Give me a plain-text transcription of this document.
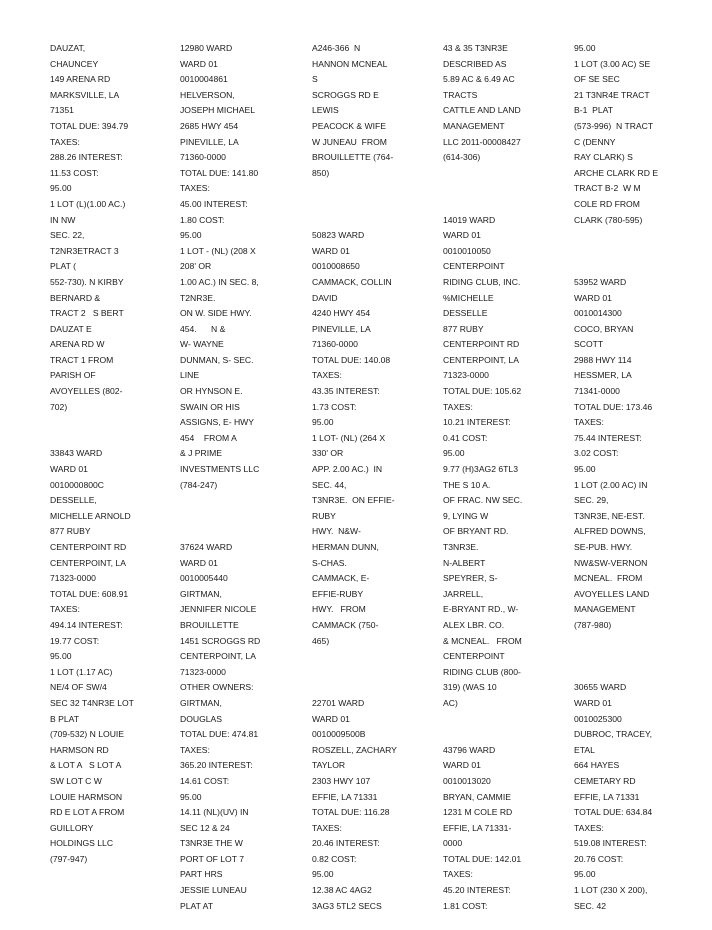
DAUZAT,
CHAUNCEY
149 ARENA RD
MARKSVILLE, LA
71351
TOTAL DUE: 394.79
TAXES:
288.26 INTEREST:
11.53 COST:
95.00
1 LOT (L)(1.00 AC.)
IN NW
SEC. 22,
T2NR3ETRACT 3
PLAT (
552-730). N KIRBY
BERNARD &
TRACT 2   S BERT
DAUZAT E
ARENA RD W
TRACT 1 FROM
PARISH OF
AVOYELLES (802-
702)
33843 WARD
WARD 01
0010000800C
DESSELLE,
MICHELLE ARNOLD
877 RUBY
CENTERPOINT RD
CENTERPOINT, LA
71323-0000
TOTAL DUE: 608.91
TAXES:
494.14 INTEREST:
19.77 COST:
95.00
1 LOT (1.17 AC)
NE/4 OF SW/4
SEC 32 T4NR3E LOT
B PLAT
(709-532) N LOUIE
HARMSON RD
& LOT A   S LOT A
SW LOT C W
LOUIE HARMSON
RD E LOT A FROM
GUILLORY
HOLDINGS LLC
(797-947)
12980 WARD
WARD 01
0010004861
HELVERSON,
JOSEPH MICHAEL
2685 HWY 454
PINEVILLE, LA
71360-0000
TOTAL DUE: 141.80
TAXES:
45.00 INTEREST:
1.80 COST:
95.00
1 LOT - (NL) (208 X
208' OR
1.00 AC.) IN SEC. 8,
T2NR3E.
ON W. SIDE HWY.
454.      N &
W- WAYNE
DUNMAN, S- SEC.
LINE
OR HYNSON E.
SWAIN OR HIS
ASSIGNS, E- HWY
454    FROM A
& J PRIME
INVESTMENTS LLC
(784-247)
37624 WARD
WARD 01
0010005440
GIRTMAN,
JENNIFER NICOLE
BROUILLETTE
1451 SCROGGS RD
CENTERPOINT, LA
71323-0000
OTHER OWNERS:
GIRTMAN,
DOUGLAS
TOTAL DUE: 474.81
TAXES:
365.20 INTEREST:
14.61 COST:
95.00
14.11 (NL)(UV) IN
SEC 12 & 24
T3NR3E THE W
PORT OF LOT 7
PART HRS
JESSIE LUNEAU
PLAT AT
A246-366  N
HANNON MCNEAL
S
SCROGGS RD E
LEWIS
PEACOCK & WIFE
W JUNEAU  FROM
BROUILLETTE (764-
850)
50823 WARD
WARD 01
0010008650
CAMMACK, COLLIN
DAVID
4240 HWY 454
PINEVILLE, LA
71360-0000
TOTAL DUE: 140.08
TAXES:
43.35 INTEREST:
1.73 COST:
95.00
1 LOT- (NL) (264 X
330' OR
APP. 2.00 AC.)  IN
SEC. 44,
T3NR3E.  ON EFFIE-
RUBY
HWY.  N&W-
HERMAN DUNN,
S-CHAS.
CAMMACK, E-
EFFIE-RUBY
HWY.   FROM
CAMMACK (750-
465)
22701 WARD
WARD 01
0010009500B
ROSZELL, ZACHARY
TAYLOR
2303 HWY 107
EFFIE, LA 71331
TOTAL DUE: 116.28
TAXES:
20.46 INTEREST:
0.82 COST:
95.00
12.38 AC 4AG2
3AG3 5TL2 SECS
43 & 35 T3NR3E
DESCRIBED AS
5.89 AC & 6.49 AC
TRACTS
CATTLE AND LAND
MANAGEMENT
LLC 2011-00008427
(614-306)
14019 WARD
WARD 01
0010010050
CENTERPOINT
RIDING CLUB, INC.
%MICHELLE
DESSELLE
877 RUBY
CENTERPOINT RD
CENTERPOINT, LA
71323-0000
TOTAL DUE: 105.62
TAXES:
10.21 INTEREST:
0.41 COST:
95.00
9.77 (H)3AG2 6TL3
THE S 10 A.
OF FRAC. NW SEC.
9, LYING W
OF BRYANT RD.
T3NR3E.
N-ALBERT
SPEYRER, S-
JARRELL,
E-BRYANT RD., W-
ALEX LBR. CO.
& MCNEAL.   FROM
CENTERPOINT
RIDING CLUB (800-
319) (WAS 10
AC)
43796 WARD
WARD 01
0010013020
BRYAN, CAMMIE
1231 M COLE RD
EFFIE, LA 71331-
0000
TOTAL DUE: 142.01
TAXES:
45.20 INTEREST:
1.81 COST:
95.00
1 LOT (3.00 AC) SE
OF SE SEC
21 T3NR4E TRACT
B-1  PLAT
(573-996)  N TRACT
C (DENNY
RAY CLARK) S
ARCHE CLARK RD E
TRACT B-2  W M
COLE RD FROM
CLARK (780-595)
53952 WARD
WARD 01
0010014300
COCO, BRYAN
SCOTT
2988 HWY 114
HESSMER, LA
71341-0000
TOTAL DUE: 173.46
TAXES:
75.44 INTEREST:
3.02 COST:
95.00
1 LOT (2.00 AC) IN
SEC. 29,
T3NR3E, NE-EST.
ALFRED DOWNS,
SE-PUB. HWY.
NW&SW-VERNON
MCNEAL.  FROM
AVOYELLES LAND
MANAGEMENT
(787-980)
30655 WARD
WARD 01
0010025300
DUBROC, TRACEY,
ETAL
664 HAYES
CEMETARY RD
EFFIE, LA 71331
TOTAL DUE: 634.84
TAXES:
519.08 INTEREST:
20.76 COST:
95.00
1 LOT (230 X 200),
SEC. 42
